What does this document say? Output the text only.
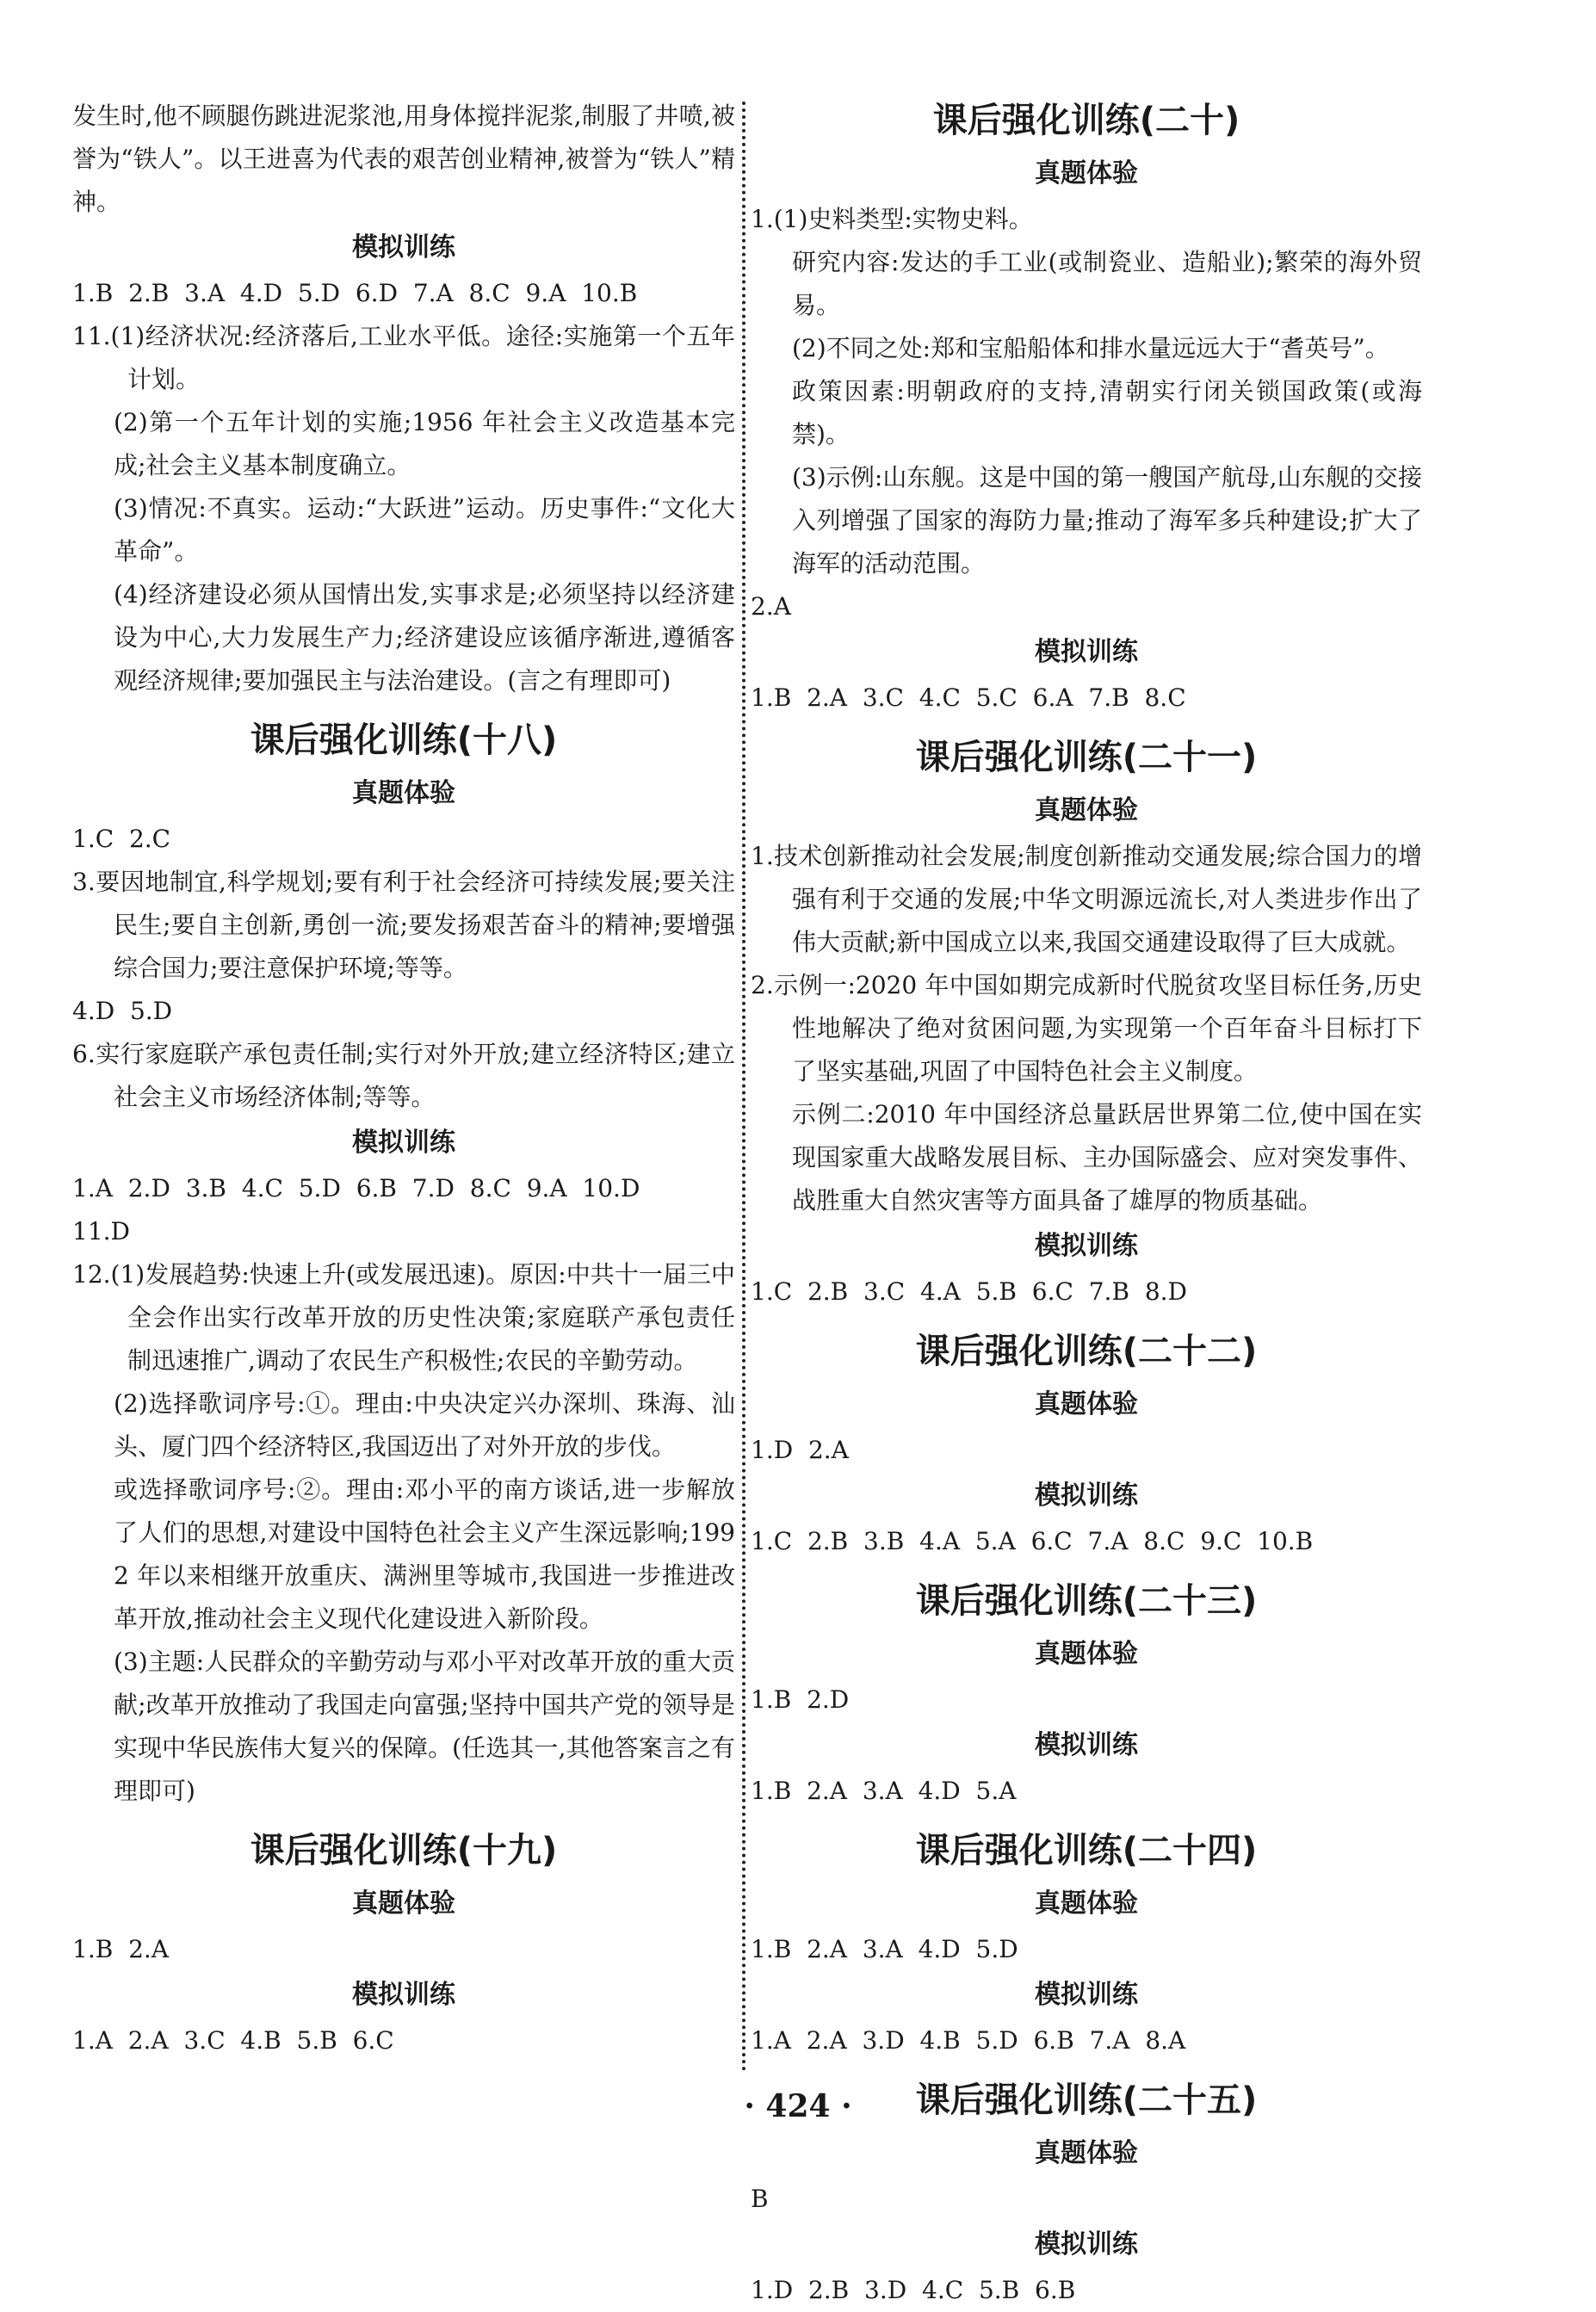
发生时,他不顾腿伤跳进泥浆池,用身体搅拌泥浆,制服了井喷,被誉为“铁人”。以王进喜为代表的艰苦创业精神,被誉为“铁人”精神。

模拟训练

1.B  2.B  3.A  4.D  5.D  6.D  7.A  8.C  9.A  10.B

11.(1)经济状况:经济落后,工业水平低。途径:实施第一个五年计划。

(2)第一个五年计划的实施;1956 年社会主义改造基本完成;社会主义基本制度确立。

(3)情况:不真实。运动:“大跃进”运动。历史事件:“文化大革命”。

(4)经济建设必须从国情出发,实事求是;必须坚持以经济建设为中心,大力发展生产力;经济建设应该循序渐进,遵循客观经济规律;要加强民主与法治建设。(言之有理即可)

课后强化训练(十八)
真题体验

1.C  2.C

3.要因地制宜,科学规划;要有利于社会经济可持续发展;要关注民生;要自主创新,勇创一流;要发扬艰苦奋斗的精神;要增强综合国力;要注意保护环境;等等。

4.D  5.D

6.实行家庭联产承包责任制;实行对外开放;建立经济特区;建立社会主义市场经济体制;等等。

模拟训练

1.A  2.D  3.B  4.C  5.D  6.B  7.D  8.C  9.A  10.D

11.D

12.(1)发展趋势:快速上升(或发展迅速)。原因:中共十一届三中全会作出实行改革开放的历史性决策;家庭联产承包责任制迅速推广,调动了农民生产积极性;农民的辛勤劳动。

(2)选择歌词序号:①。理由:中央决定兴办深圳、珠海、汕头、厦门四个经济特区,我国迈出了对外开放的步伐。

或选择歌词序号:②。理由:邓小平的南方谈话,进一步解放了人们的思想,对建设中国特色社会主义产生深远影响;1992 年以来相继开放重庆、满洲里等城市,我国进一步推进改革开放,推动社会主义现代化建设进入新阶段。

(3)主题:人民群众的辛勤劳动与邓小平对改革开放的重大贡献;改革开放推动了我国走向富强;坚持中国共产党的领导是实现中华民族伟大复兴的保障。(任选其一,其他答案言之有理即可)

课后强化训练(十九)
真题体验

1.B  2.A

模拟训练

1.A  2.A  3.C  4.B  5.B  6.C

课后强化训练(二十)
真题体验

1.(1)史料类型:实物史料。

研究内容:发达的手工业(或制瓷业、造船业);繁荣的海外贸易。

(2)不同之处:郑和宝船船体和排水量远远大于“耆英号”。

政策因素:明朝政府的支持,清朝实行闭关锁国政策(或海禁)。

(3)示例:山东舰。这是中国的第一艘国产航母,山东舰的交接入列增强了国家的海防力量;推动了海军多兵种建设;扩大了海军的活动范围。

2.A

模拟训练

1.B  2.A  3.C  4.C  5.C  6.A  7.B  8.C

课后强化训练(二十一)
真题体验

1.技术创新推动社会发展;制度创新推动交通发展;综合国力的增强有利于交通的发展;中华文明源远流长,对人类进步作出了伟大贡献;新中国成立以来,我国交通建设取得了巨大成就。

2.示例一:2020 年中国如期完成新时代脱贫攻坚目标任务,历史性地解决了绝对贫困问题,为实现第一个百年奋斗目标打下了坚实基础,巩固了中国特色社会主义制度。

示例二:2010 年中国经济总量跃居世界第二位,使中国在实现国家重大战略发展目标、主办国际盛会、应对突发事件、战胜重大自然灾害等方面具备了雄厚的物质基础。

模拟训练

1.C  2.B  3.C  4.A  5.B  6.C  7.B  8.D

课后强化训练(二十二)
真题体验

1.D  2.A

模拟训练

1.C  2.B  3.B  4.A  5.A  6.C  7.A  8.C  9.C  10.B

课后强化训练(二十三)
真题体验

1.B  2.D

模拟训练

1.B  2.A  3.A  4.D  5.A

课后强化训练(二十四)
真题体验

1.B  2.A  3.A  4.D  5.D

模拟训练

1.A  2.A  3.D  4.B  5.D  6.B  7.A  8.A

课后强化训练(二十五)
真题体验

B

模拟训练

1.D  2.B  3.D  4.C  5.B  6.B

· 424 ·
